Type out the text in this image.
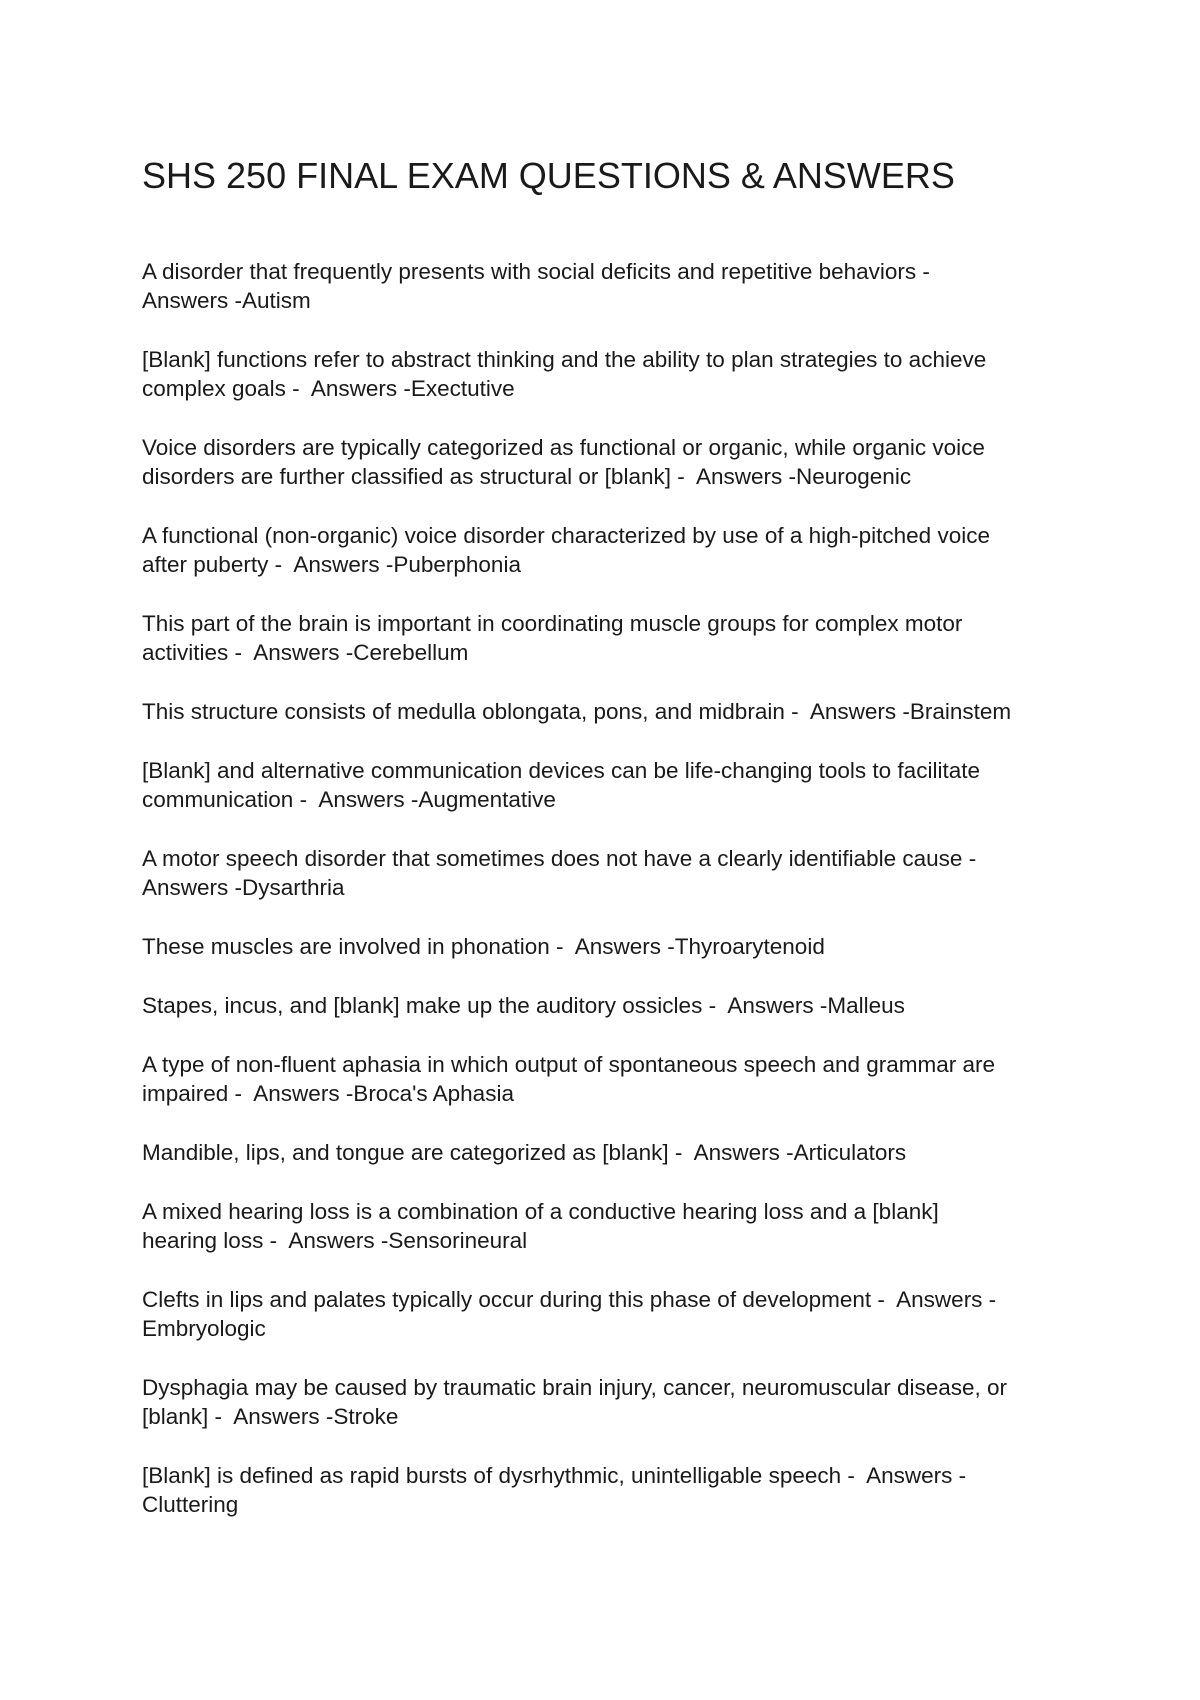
SHS 250 FINAL EXAM QUESTIONS & ANSWERS
A disorder that frequently presents with social deficits and repetitive behaviors -
Answers -Autism
[Blank] functions refer to abstract thinking and the ability to plan strategies to achieve
complex goals -  Answers -Exectutive
Voice disorders are typically categorized as functional or organic, while organic voice
disorders are further classified as structural or [blank] -  Answers -Neurogenic
A functional (non-organic) voice disorder characterized by use of a high-pitched voice
after puberty -  Answers -Puberphonia
This part of the brain is important in coordinating muscle groups for complex motor
activities -  Answers -Cerebellum
This structure consists of medulla oblongata, pons, and midbrain -  Answers -Brainstem
[Blank] and alternative communication devices can be life-changing tools to facilitate
communication -  Answers -Augmentative
A motor speech disorder that sometimes does not have a clearly identifiable cause -
Answers -Dysarthria
These muscles are involved in phonation -  Answers -Thyroarytenoid
Stapes, incus, and [blank] make up the auditory ossicles -  Answers -Malleus
A type of non-fluent aphasia in which output of spontaneous speech and grammar are
impaired -  Answers -Broca's Aphasia
Mandible, lips, and tongue are categorized as [blank] -  Answers -Articulators
A mixed hearing loss is a combination of a conductive hearing loss and a [blank]
hearing loss -  Answers -Sensorineural
Clefts in lips and palates typically occur during this phase of development -  Answers -
Embryologic
Dysphagia may be caused by traumatic brain injury, cancer, neuromuscular disease, or
[blank] -  Answers -Stroke
[Blank] is defined as rapid bursts of dysrhythmic, unintelligable speech -  Answers -
Cluttering
